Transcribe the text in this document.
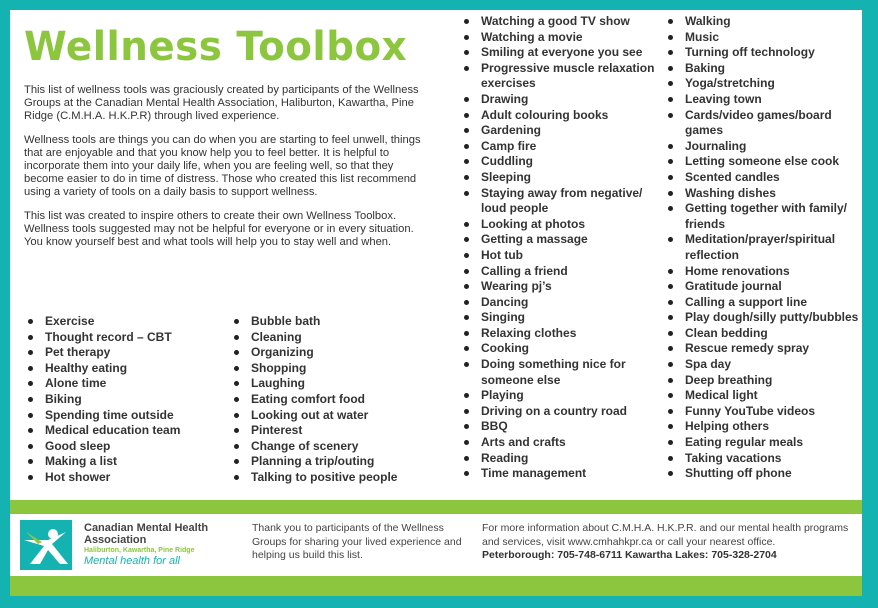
Wellness Toolbox

This list of wellness tools was graciously created by participants of the Wellness Groups at the Canadian Mental Health Association, Haliburton, Kawartha, Pine Ridge (C.M.H.A. H.K.P.R) through lived experience.

Wellness tools are things you can do when you are starting to feel unwell, things that are enjoyable and that you know help you to feel better. It is helpful to incorporate them into your daily life, when you are feeling well, so that they become easier to do in time of distress. Those who created this list recommend using a variety of tools on a daily basis to support wellness.

This list was created to inspire others to create their own Wellness Toolbox. Wellness tools suggested may not be helpful for everyone or in every situation. You know yourself best and what tools will help you to stay well and when.

Exercise
Thought record – CBT
Pet therapy
Healthy eating
Alone time
Biking
Spending time outside
Medical education team
Good sleep
Making a list
Hot shower
Bubble bath
Cleaning
Organizing
Shopping
Laughing
Eating comfort food
Looking out at water
Pinterest
Change of scenery
Planning a trip/outing
Talking to positive people
Watching a good TV show
Watching a movie
Smiling at everyone you see
Progressive muscle relaxation exercises
Drawing
Adult colouring books
Gardening
Camp fire
Cuddling
Sleeping
Staying away from negative/ loud people
Looking at photos
Getting a massage
Hot tub
Calling a friend
Wearing pj’s
Dancing
Singing
Relaxing clothes
Cooking
Doing something nice for someone else
Playing
Driving on a country road
BBQ
Arts and crafts
Reading
Time management
Walking
Music
Turning off technology
Baking
Yoga/stretching
Leaving town
Cards/video games/board games
Journaling
Letting someone else cook
Scented candles
Washing dishes
Getting together with family/ friends
Meditation/prayer/spiritual reflection
Home renovations
Gratitude journal
Calling a support line
Play dough/silly putty/bubbles
Clean bedding
Rescue remedy spray
Spa day
Deep breathing
Medical light
Funny YouTube videos
Helping others
Eating regular meals
Taking vacations
Shutting off phone
Canadian Mental Health Association
Haliburton, Kawartha, Pine Ridge
Mental health for all
Thank you to participants of the Wellness Groups for sharing your lived experience and helping us build this list.
For more information about C.M.H.A. H.K.P.R. and our mental health programs and services, visit www.cmhahkpr.ca or call your nearest office.
Peterborough: 705-748-6711 Kawartha Lakes: 705-328-2704
